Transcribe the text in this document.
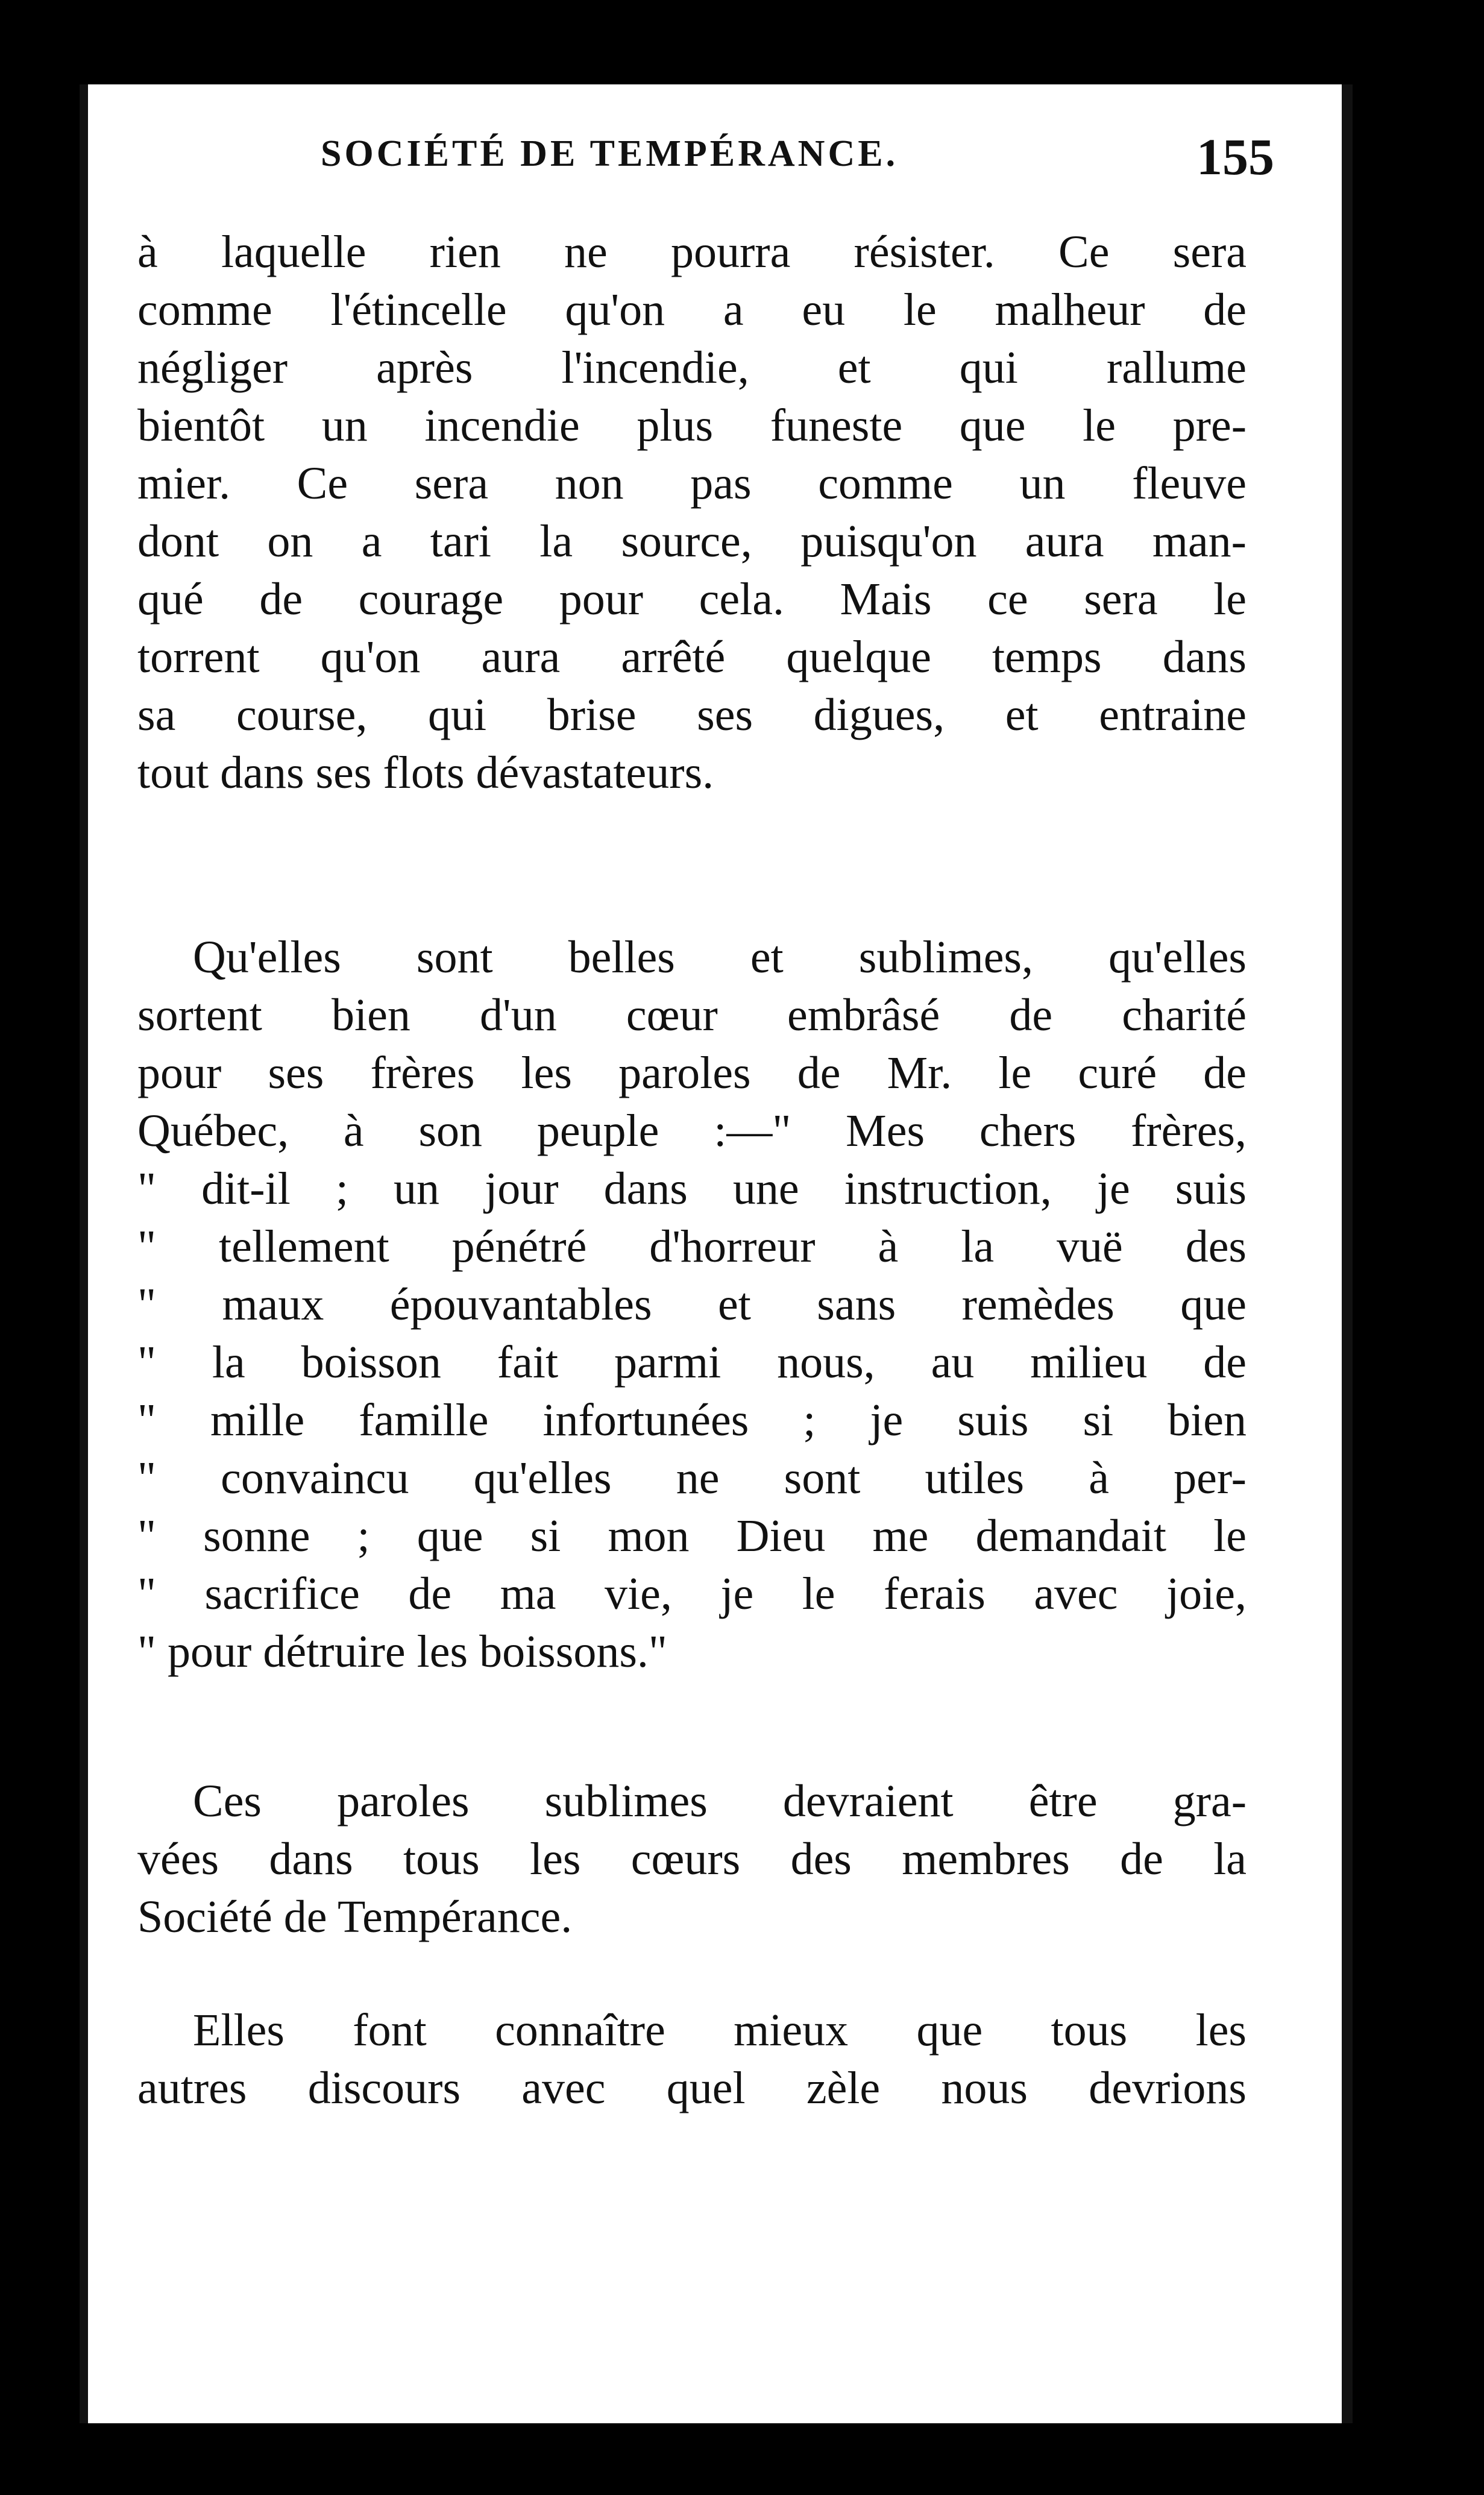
SOCIÉTÉ DE TEMPÉRANCE.	155
à laquelle rien ne pourra résister. Ce sera
comme l'étincelle qu'on a eu le malheur de
négliger après l'incendie, et qui rallume
bientôt un incendie plus funeste que le pre-
mier. Ce sera non pas comme un fleuve
dont on a tari la source, puisqu'on aura man-
qué de courage pour cela. Mais ce sera le
torrent qu'on aura arrêté quelque temps dans
sa course, qui brise ses digues, et entraine
tout dans ses flots dévastateurs.
Qu'elles sont belles et sublimes, qu'elles
sortent bien d'un cœur embrâsé de charité
pour ses frères les paroles de Mr. le curé de
Québec, à son peuple :—" Mes chers frères,
" dit-il ; un jour dans une instruction, je suis
" tellement pénétré d'horreur à la vuë des
" maux épouvantables et sans remèdes que
" la boisson fait parmi nous, au milieu de
" mille famille infortunées ; je suis si bien
" convaincu qu'elles ne sont utiles à per-
" sonne ; que si mon Dieu me demandait le
" sacrifice de ma vie, je le ferais avec joie,
" pour détruire les boissons."
Ces paroles sublimes devraient être gra-
vées dans tous les cœurs des membres de la
Société de Tempérance.
Elles font connaître mieux que tous les
autres discours avec quel zèle nous devrions
